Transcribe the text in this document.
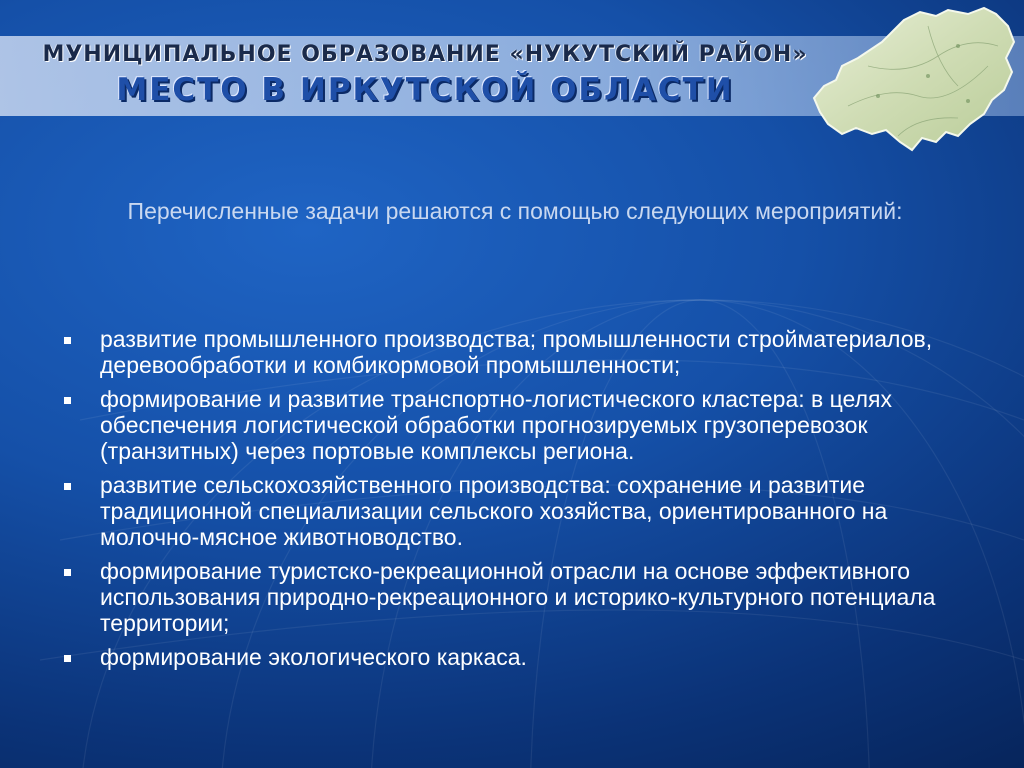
МУНИЦИПАЛЬНОЕ ОБРАЗОВАНИЕ «НУКУТСКИЙ РАЙОН»
МЕСТО В ИРКУТСКОЙ ОБЛАСТИ
Перечисленные задачи решаются с помощью следующих мероприятий:
развитие промышленного производства; промышленности стройматериалов, деревообработки и комбикормовой промышленности;
формирование и развитие транспортно-логистического кластера: в целях обеспечения логистической обработки прогнозируемых грузоперевозок (транзитных) через портовые комплексы региона.
развитие сельскохозяйственного производства: сохранение и развитие традиционной специализации сельского хозяйства, ориентированного на молочно-мясное животноводство.
формирование туристско-рекреационной отрасли на основе эффективного использования природно-рекреационного и историко-культурного потенциала территории;
формирование экологического каркаса.
